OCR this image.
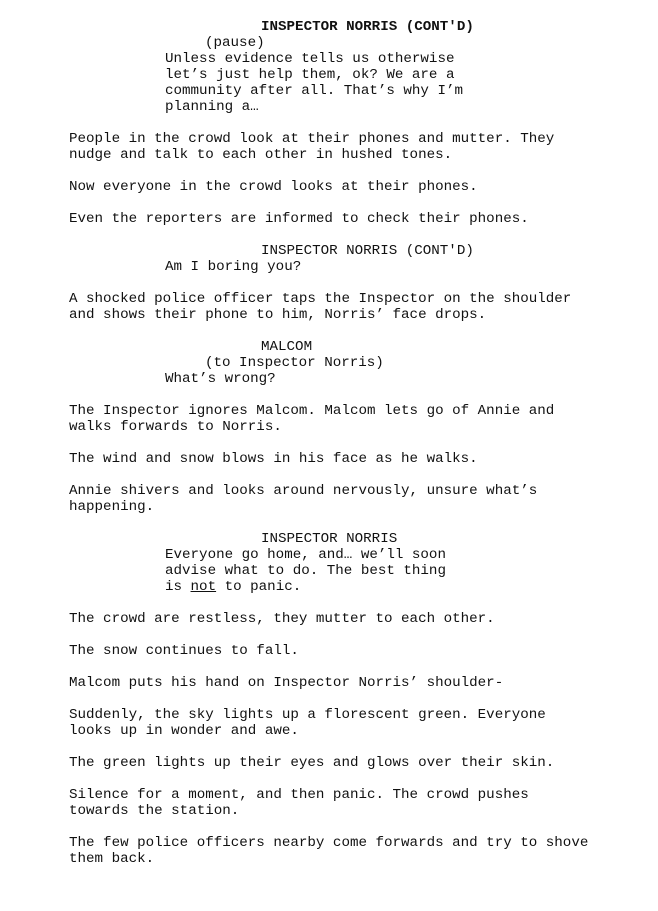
INSPECTOR NORRIS (CONT'D)
(pause)
Unless evidence tells us otherwise
let’s just help them, ok? We are a
community after all. That’s why I’m
planning a…
People in the crowd look at their phones and mutter. They
nudge and talk to each other in hushed tones.
Now everyone in the crowd looks at their phones.
Even the reporters are informed to check their phones.
INSPECTOR NORRIS (CONT'D)
Am I boring you?
A shocked police officer taps the Inspector on the shoulder
and shows their phone to him, Norris’ face drops.
MALCOM
(to Inspector Norris)
What’s wrong?
The Inspector ignores Malcom. Malcom lets go of Annie and
walks forwards to Norris.
The wind and snow blows in his face as he walks.
Annie shivers and looks around nervously, unsure what’s
happening.
INSPECTOR NORRIS
Everyone go home, and… we’ll soon
advise what to do. The best thing
is not to panic.
The crowd are restless, they mutter to each other.
The snow continues to fall.
Malcom puts his hand on Inspector Norris’ shoulder-
Suddenly, the sky lights up a florescent green. Everyone
looks up in wonder and awe.
The green lights up their eyes and glows over their skin.
Silence for a moment, and then panic. The crowd pushes
towards the station.
The few police officers nearby come forwards and try to shove
them back.
